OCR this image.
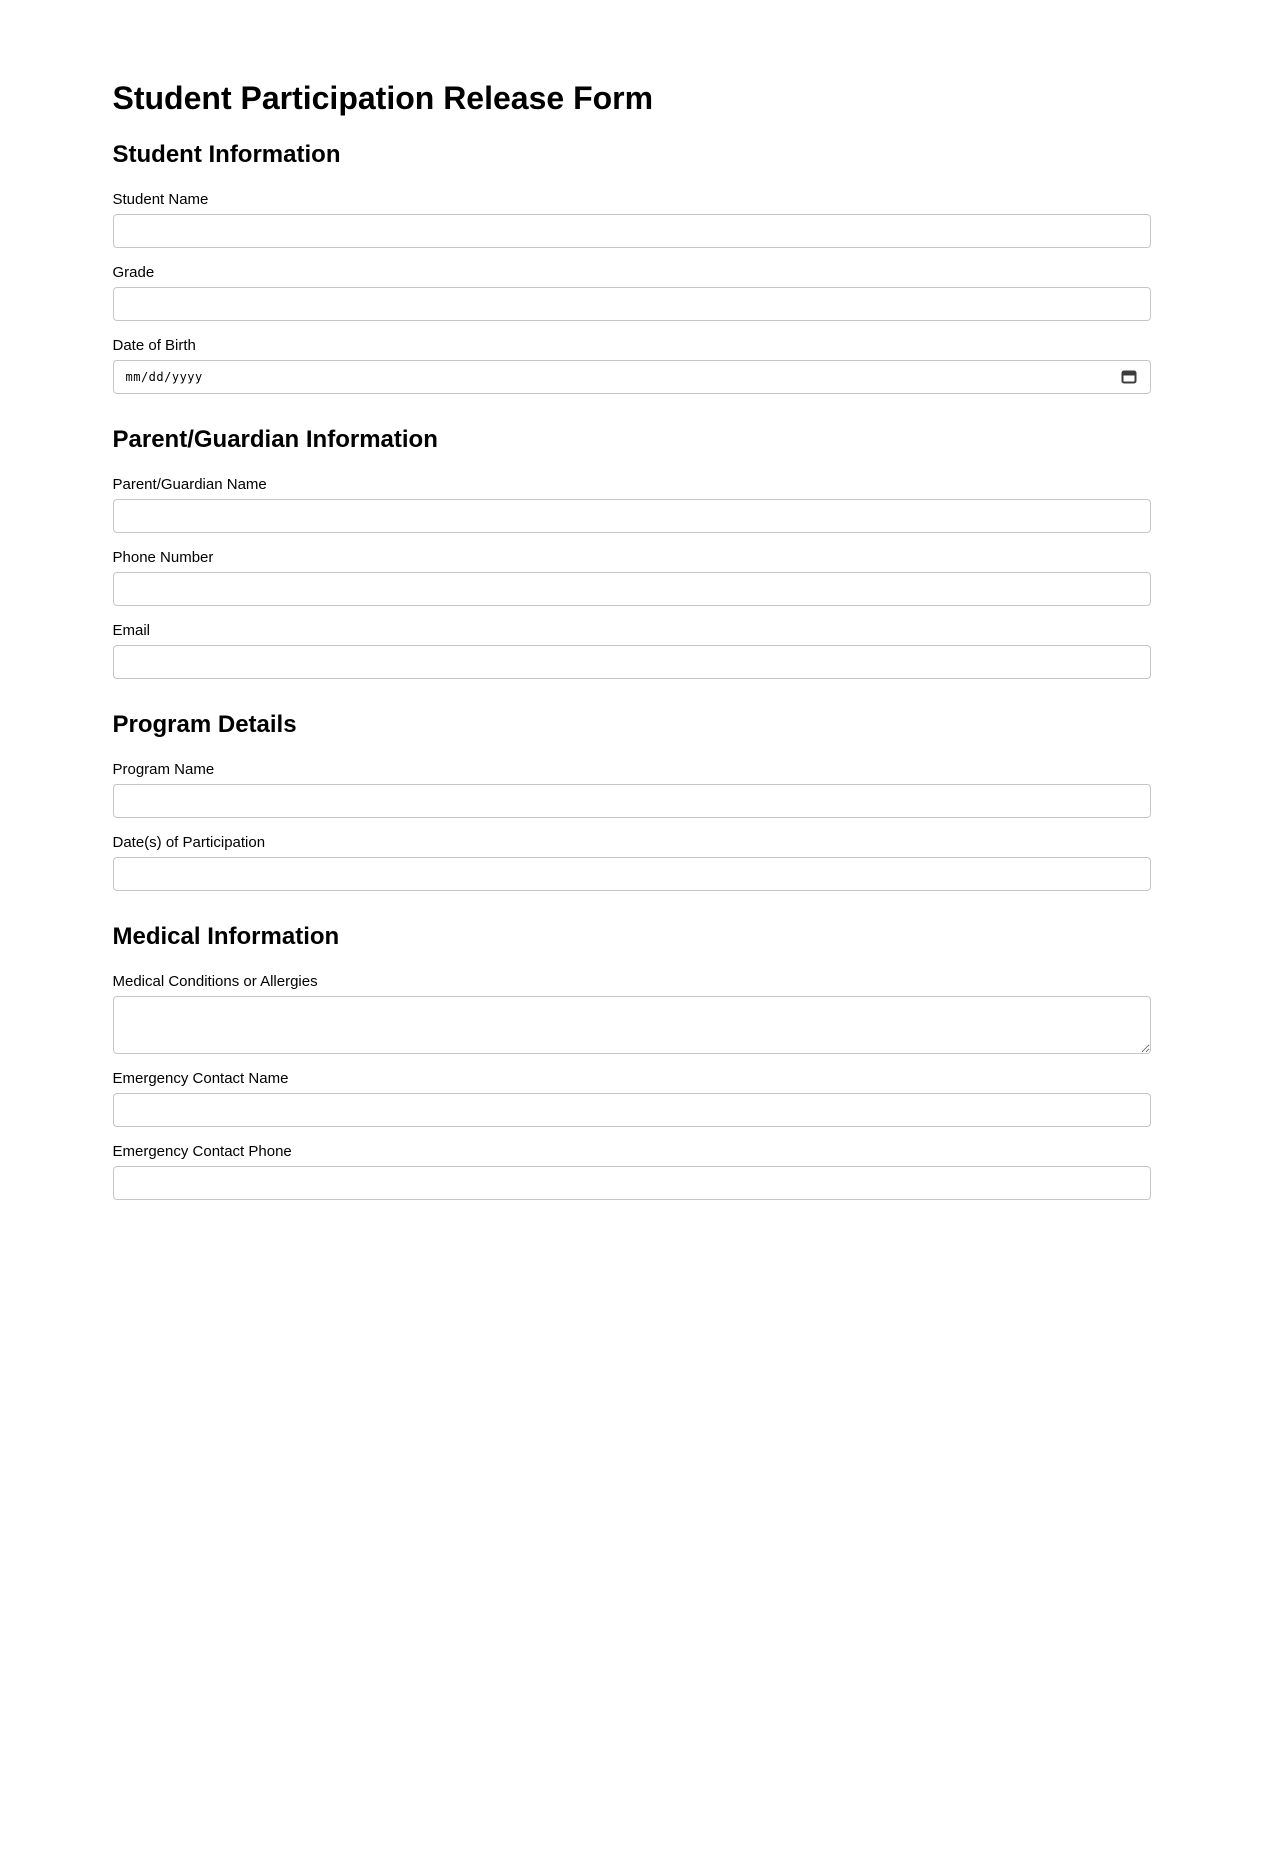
Student Participation Release Form
Student Information
Student Name
Grade
Date of Birth
mm/dd/yyyy
Parent/Guardian Information
Parent/Guardian Name
Phone Number
Email
Program Details
Program Name
Date(s) of Participation
Medical Information
Medical Conditions or Allergies
Emergency Contact Name
Emergency Contact Phone
